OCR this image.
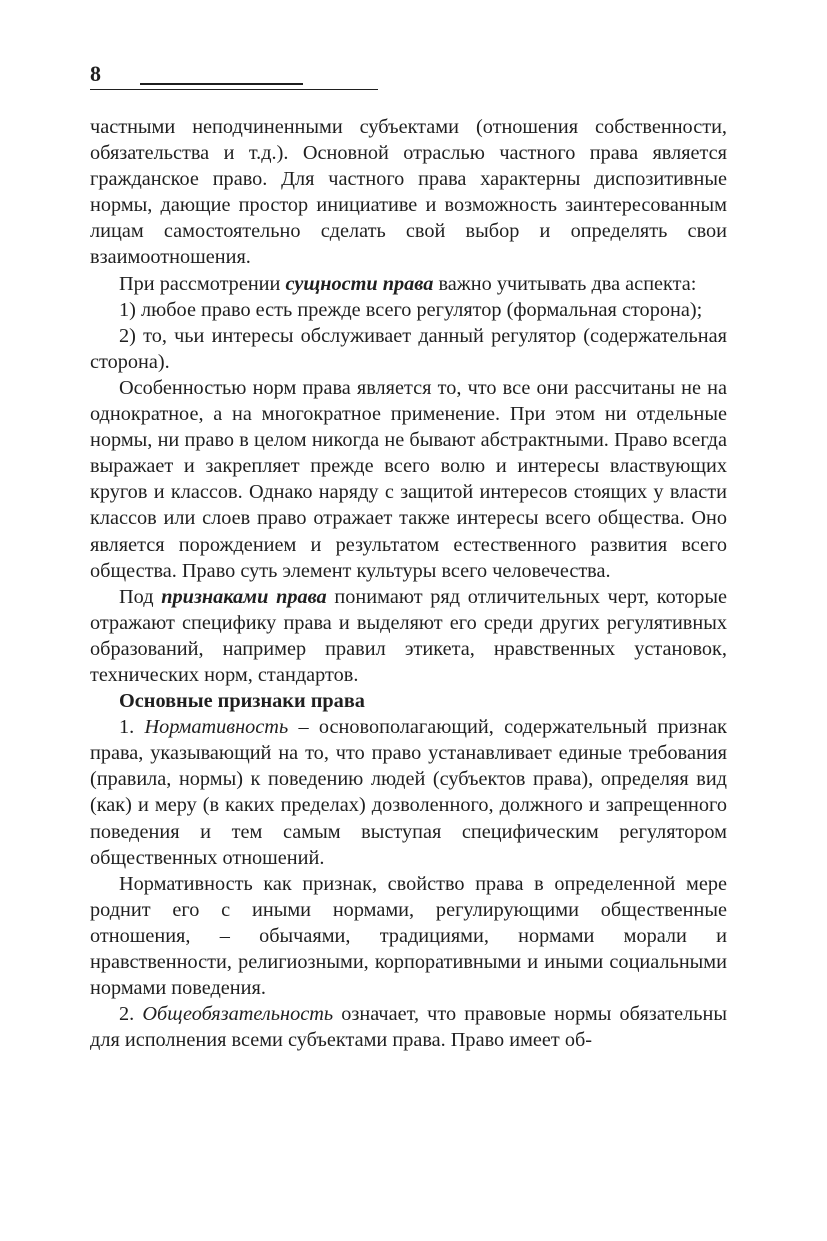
8

частными неподчиненными субъектами (отношения собственности, обязательства и т.д.). Основной отраслью частного права является гражданское право. Для частного права характерны диспозитивные нормы, дающие простор инициативе и возможность заинтересованным лицам самостоятельно сделать свой выбор и определять свои взаимоотношения.

При рассмотрении сущности права важно учитывать два аспекта:

1) любое право есть прежде всего регулятор (формальная сторона);

2) то, чьи интересы обслуживает данный регулятор (содержательная сторона).

Особенностью норм права является то, что все они рассчитаны не на однократное, а на многократное применение. При этом ни отдельные нормы, ни право в целом никогда не бывают абстрактными. Право всегда выражает и закрепляет прежде всего волю и интересы властвующих кругов и классов. Однако наряду с защитой интересов стоящих у власти классов или слоев право отражает также интересы всего общества. Оно является порождением и результатом естественного развития всего общества. Право суть элемент культуры всего человечества.

Под признаками права понимают ряд отличительных черт, которые отражают специфику права и выделяют его среди других регулятивных образований, например правил этикета, нравственных установок, технических норм, стандартов.

Основные признаки права

1. Нормативность – основополагающий, содержательный признак права, указывающий на то, что право устанавливает единые требования (правила, нормы) к поведению людей (субъектов права), определяя вид (как) и меру (в каких пределах) дозволенного, должного и запрещенного поведения и тем самым выступая специфическим регулятором общественных отношений.

Нормативность как признак, свойство права в определенной мере роднит его с иными нормами, регулирующими общественные отношения, – обычаями, традициями, нормами морали и нравственности, религиозными, корпоративными и иными социальными нормами поведения.

2. Общеобязательность означает, что правовые нормы обязательны для исполнения всеми субъектами права. Право имеет об-
